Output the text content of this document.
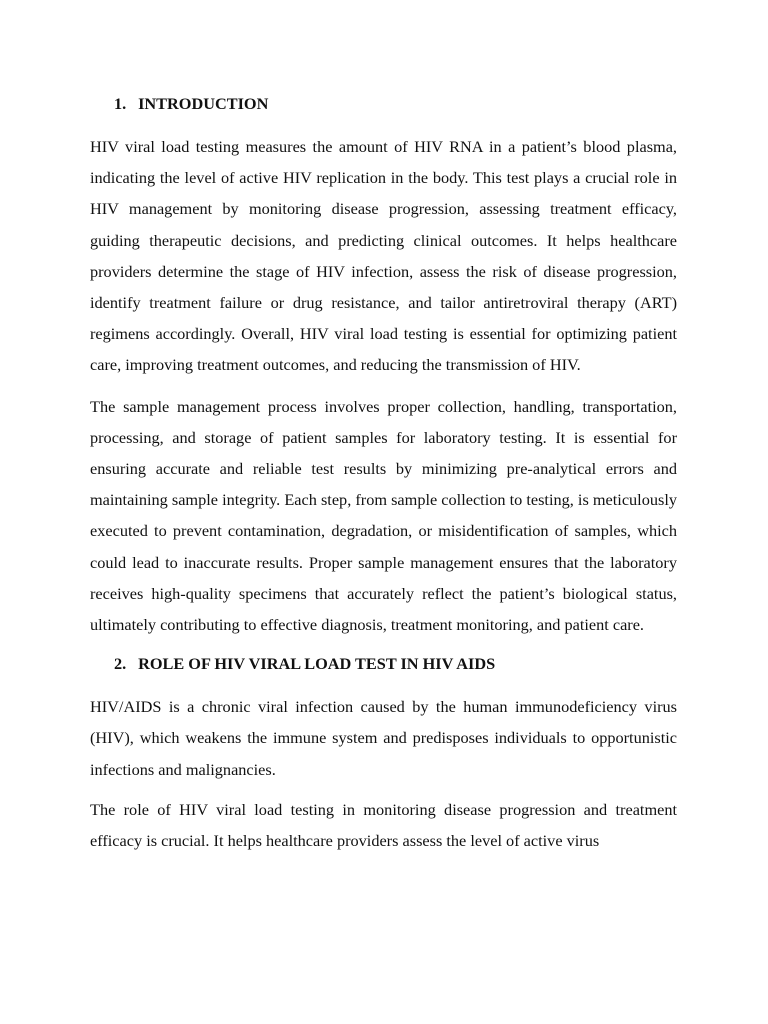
1. INTRODUCTION

HIV viral load testing measures the amount of HIV RNA in a patient’s blood plasma, indicating the level of active HIV replication in the body. This test plays a crucial role in HIV management by monitoring disease progression, assessing treatment efficacy, guiding therapeutic decisions, and predicting clinical outcomes. It helps healthcare providers determine the stage of HIV infection, assess the risk of disease progression, identify treatment failure or drug resistance, and tailor antiretroviral therapy (ART) regimens accordingly. Overall, HIV viral load testing is essential for optimizing patient care, improving treatment outcomes, and reducing the transmission of HIV.

The sample management process involves proper collection, handling, transportation, processing, and storage of patient samples for laboratory testing. It is essential for ensuring accurate and reliable test results by minimizing pre-analytical errors and maintaining sample integrity. Each step, from sample collection to testing, is meticulously executed to prevent contamination, degradation, or misidentification of samples, which could lead to inaccurate results. Proper sample management ensures that the laboratory receives high-quality specimens that accurately reflect the patient’s biological status, ultimately contributing to effective diagnosis, treatment monitoring, and patient care.

2. ROLE OF HIV VIRAL LOAD TEST IN HIV AIDS

HIV/AIDS is a chronic viral infection caused by the human immunodeficiency virus (HIV), which weakens the immune system and predisposes individuals to opportunistic infections and malignancies.

The role of HIV viral load testing in monitoring disease progression and treatment efficacy is crucial. It helps healthcare providers assess the level of active virus
